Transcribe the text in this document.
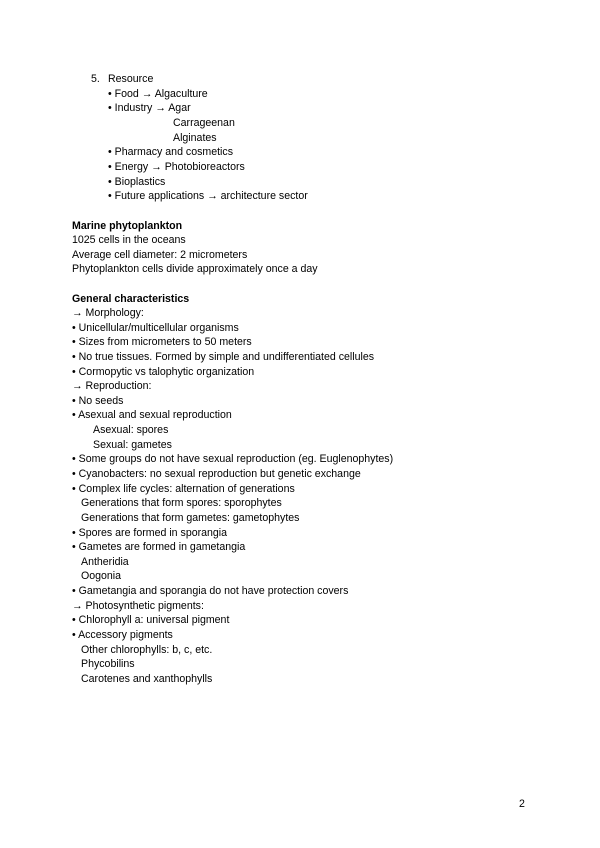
5. Resource
• Food → Algaculture
• Industry → Agar
Carrageenan
Alginates
• Pharmacy and cosmetics
• Energy → Photobioreactors
• Bioplastics
• Future applications → architecture sector
Marine phytoplankton
1025 cells in the oceans
Average cell diameter: 2 micrometers
Phytoplankton cells divide approximately once a day
General characteristics
→ Morphology:
• Unicellular/multicellular organisms
• Sizes from micrometers to 50 meters
• No true tissues. Formed by simple and undifferentiated cellules
• Cormopytic vs talophytic organization
→ Reproduction:
• No seeds
• Asexual and sexual reproduction
Asexual: spores
Sexual: gametes
• Some groups do not have sexual reproduction (eg. Euglenophytes)
• Cyanobacters: no sexual reproduction but genetic exchange
• Complex life cycles: alternation of generations
Generations that form spores: sporophytes
Generations that form gametes: gametophytes
• Spores are formed in sporangia
• Gametes are formed in gametangia
Antheridia
Oogonia
• Gametangia and sporangia do not have protection covers
→ Photosynthetic pigments:
• Chlorophyll a: universal pigment
• Accessory pigments
Other chlorophylls: b, c, etc.
Phycobilins
Carotenes and xanthophylls
2
